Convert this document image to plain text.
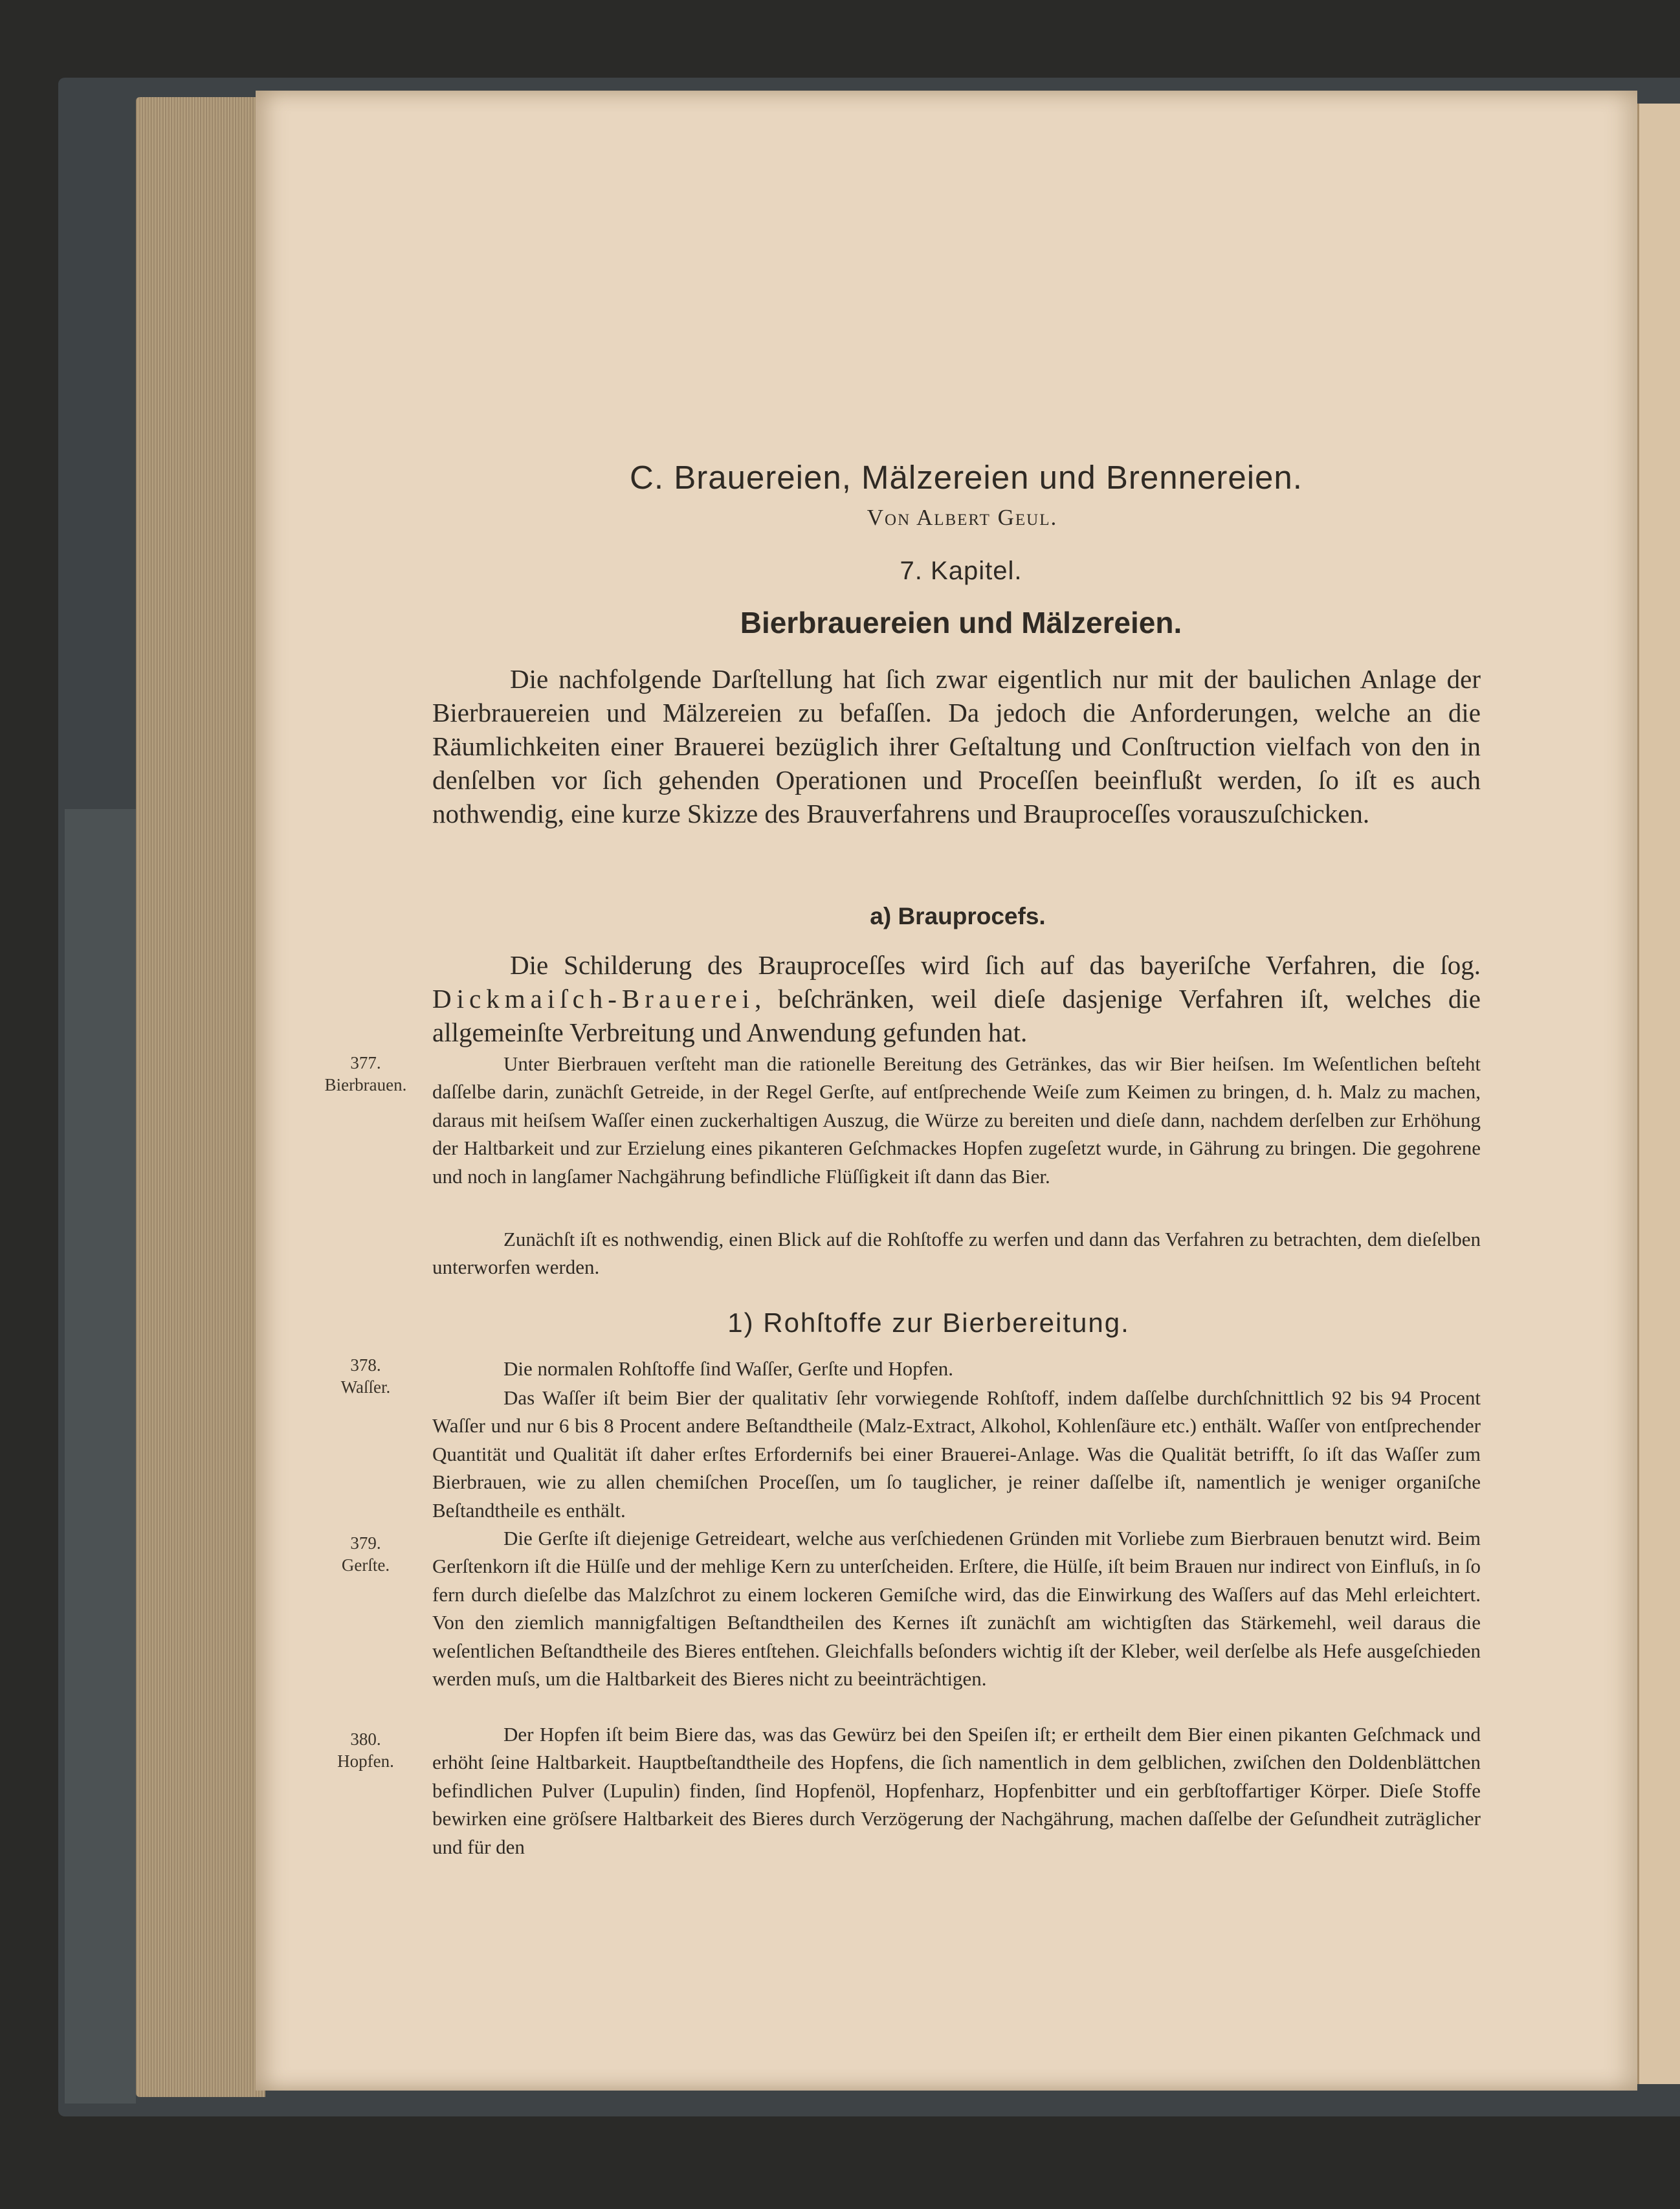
C. Brauereien, Mälzereien und Brennereien.
Von Albert Geul.
7. Kapitel.
Bierbrauereien und Mälzereien.
Die nachfolgende Darſtellung hat ſich zwar eigentlich nur mit der baulichen Anlage der Bierbrauereien und Mälzereien zu befaſſen. Da jedoch die Anforderungen, welche an die Räumlichkeiten einer Brauerei bezüglich ihrer Geſtaltung und Conſtruction vielfach von den in denſelben vor ſich gehenden Operationen und Proceſſen beeinflußt werden, ſo iſt es auch nothwendig, eine kurze Skizze des Brauverfahrens und Brauproceſſes vorauszuſchicken.
a) Brauprocefs.
Die Schilderung des Brauproceſſes wird ſich auf das bayeriſche Verfahren, die ſog. Dickmaiſch-Brauerei, beſchränken, weil dieſe dasjenige Verfahren iſt, welches die allgemeinſte Verbreitung und Anwendung gefunden hat.
Unter Bierbrauen verſteht man die rationelle Bereitung des Getränkes, das wir Bier heiſsen. Im Weſentlichen beſteht daſſelbe darin, zunächſt Getreide, in der Regel Gerſte, auf entſprechende Weiſe zum Keimen zu bringen, d. h. Malz zu machen, daraus mit heiſsem Waſſer einen zuckerhaltigen Auszug, die Würze zu bereiten und dieſe dann, nachdem derſelben zur Erhöhung der Haltbarkeit und zur Erzielung eines pikanteren Geſchmackes Hopfen zugeſetzt wurde, in Gährung zu bringen. Die gegohrene und noch in langſamer Nachgährung befindliche Flüſſigkeit iſt dann das Bier.
Zunächſt iſt es nothwendig, einen Blick auf die Rohſtoffe zu werfen und dann das Verfahren zu betrachten, dem dieſelben unterworfen werden.
1) Rohſtoffe zur Bierbereitung.
Die normalen Rohſtoffe ſind Waſſer, Gerſte und Hopfen.
Das Waſſer iſt beim Bier der qualitativ ſehr vorwiegende Rohſtoff, indem daſſelbe durchſchnittlich 92 bis 94 Procent Waſſer und nur 6 bis 8 Procent andere Beſtandtheile (Malz-Extract, Alkohol, Kohlenſäure etc.) enthält. Waſſer von entſprechender Quantität und Qualität iſt daher erſtes Erfordernifs bei einer Brauerei-Anlage. Was die Qualität betrifft, ſo iſt das Waſſer zum Bierbrauen, wie zu allen chemiſchen Proceſſen, um ſo tauglicher, je reiner daſſelbe iſt, namentlich je weniger organiſche Beſtandtheile es enthält.
Die Gerſte iſt diejenige Getreideart, welche aus verſchiedenen Gründen mit Vorliebe zum Bierbrauen benutzt wird. Beim Gerſtenkorn iſt die Hülſe und der mehlige Kern zu unterſcheiden. Erſtere, die Hülſe, iſt beim Brauen nur indirect von Einfluſs, in ſo fern durch dieſelbe das Malzſchrot zu einem lockeren Gemiſche wird, das die Einwirkung des Waſſers auf das Mehl erleichtert. Von den ziemlich mannigfaltigen Beſtandtheilen des Kernes iſt zunächſt am wichtigſten das Stärkemehl, weil daraus die weſentlichen Beſtandtheile des Bieres entſtehen. Gleichfalls beſonders wichtig iſt der Kleber, weil derſelbe als Hefe ausgeſchieden werden muſs, um die Haltbarkeit des Bieres nicht zu beeinträchtigen.
Der Hopfen iſt beim Biere das, was das Gewürz bei den Speiſen iſt; er ertheilt dem Bier einen pikanten Geſchmack und erhöht ſeine Haltbarkeit. Hauptbeſtandtheile des Hopfens, die ſich namentlich in dem gelblichen, zwiſchen den Doldenblättchen befindlichen Pulver (Lupulin) finden, ſind Hopfenöl, Hopfenharz, Hopfenbitter und ein gerbſtoffartiger Körper. Dieſe Stoffe bewirken eine gröſsere Haltbarkeit des Bieres durch Verzögerung der Nachgährung, machen daſſelbe der Geſundheit zuträglicher und für den
377.
Bierbrauen.
378.
Waſſer.
379.
Gerſte.
380.
Hopfen.
